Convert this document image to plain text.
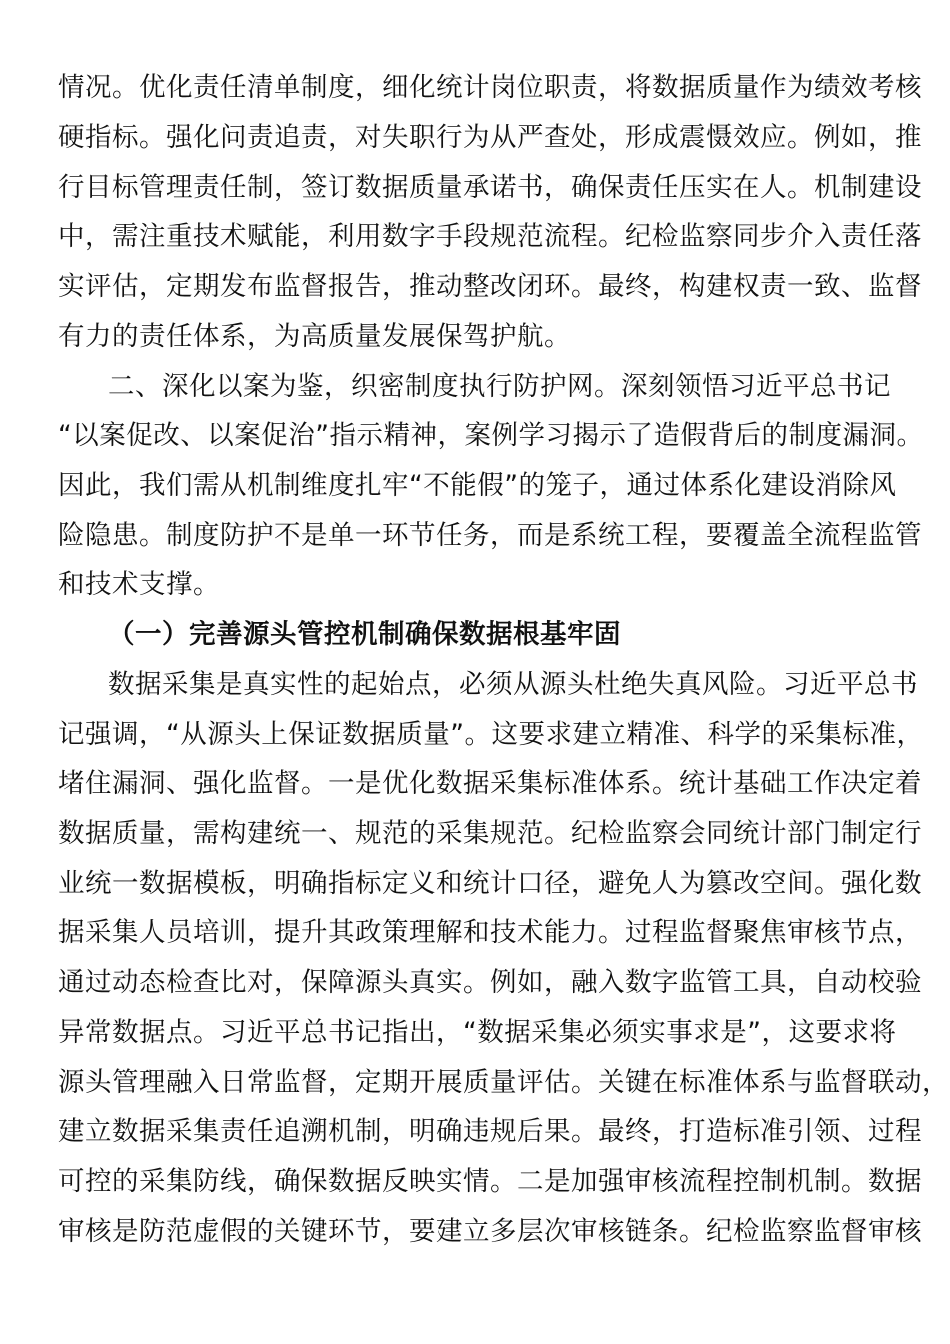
情况。优化责任清单制度，细化统计岗位职责，将数据质量作为绩效考核
硬指标。强化问责追责，对失职行为从严查处，形成震慑效应。例如，推
行目标管理责任制，签订数据质量承诺书，确保责任压实在人。机制建设
中，需注重技术赋能，利用数字手段规范流程。纪检监察同步介入责任落
实评估，定期发布监督报告，推动整改闭环。最终，构建权责一致、监督
有力的责任体系，为高质量发展保驾护航。
二、深化以案为鉴，织密制度执行防护网。深刻领悟习近平总书记
“以案促改、以案促治”指示精神，案例学习揭示了造假背后的制度漏洞。
因此，我们需从机制维度扎牢“不能假”的笼子，通过体系化建设消除风
险隐患。制度防护不是单一环节任务，而是系统工程，要覆盖全流程监管
和技术支撑。
（一）完善源头管控机制确保数据根基牢固
数据采集是真实性的起始点，必须从源头杜绝失真风险。习近平总书
记强调，“从源头上保证数据质量”。这要求建立精准、科学的采集标准，
堵住漏洞、强化监督。一是优化数据采集标准体系。统计基础工作决定着
数据质量，需构建统一、规范的采集规范。纪检监察会同统计部门制定行
业统一数据模板，明确指标定义和统计口径，避免人为篡改空间。强化数
据采集人员培训，提升其政策理解和技术能力。过程监督聚焦审核节点，
通过动态检查比对，保障源头真实。例如，融入数字监管工具，自动校验
异常数据点。习近平总书记指出，“数据采集必须实事求是”，这要求将
源头管理融入日常监督，定期开展质量评估。关键在标准体系与监督联动，
建立数据采集责任追溯机制，明确违规后果。最终，打造标准引领、过程
可控的采集防线，确保数据反映实情。二是加强审核流程控制机制。数据
审核是防范虚假的关键环节，要建立多层次审核链条。纪检监察监督审核
